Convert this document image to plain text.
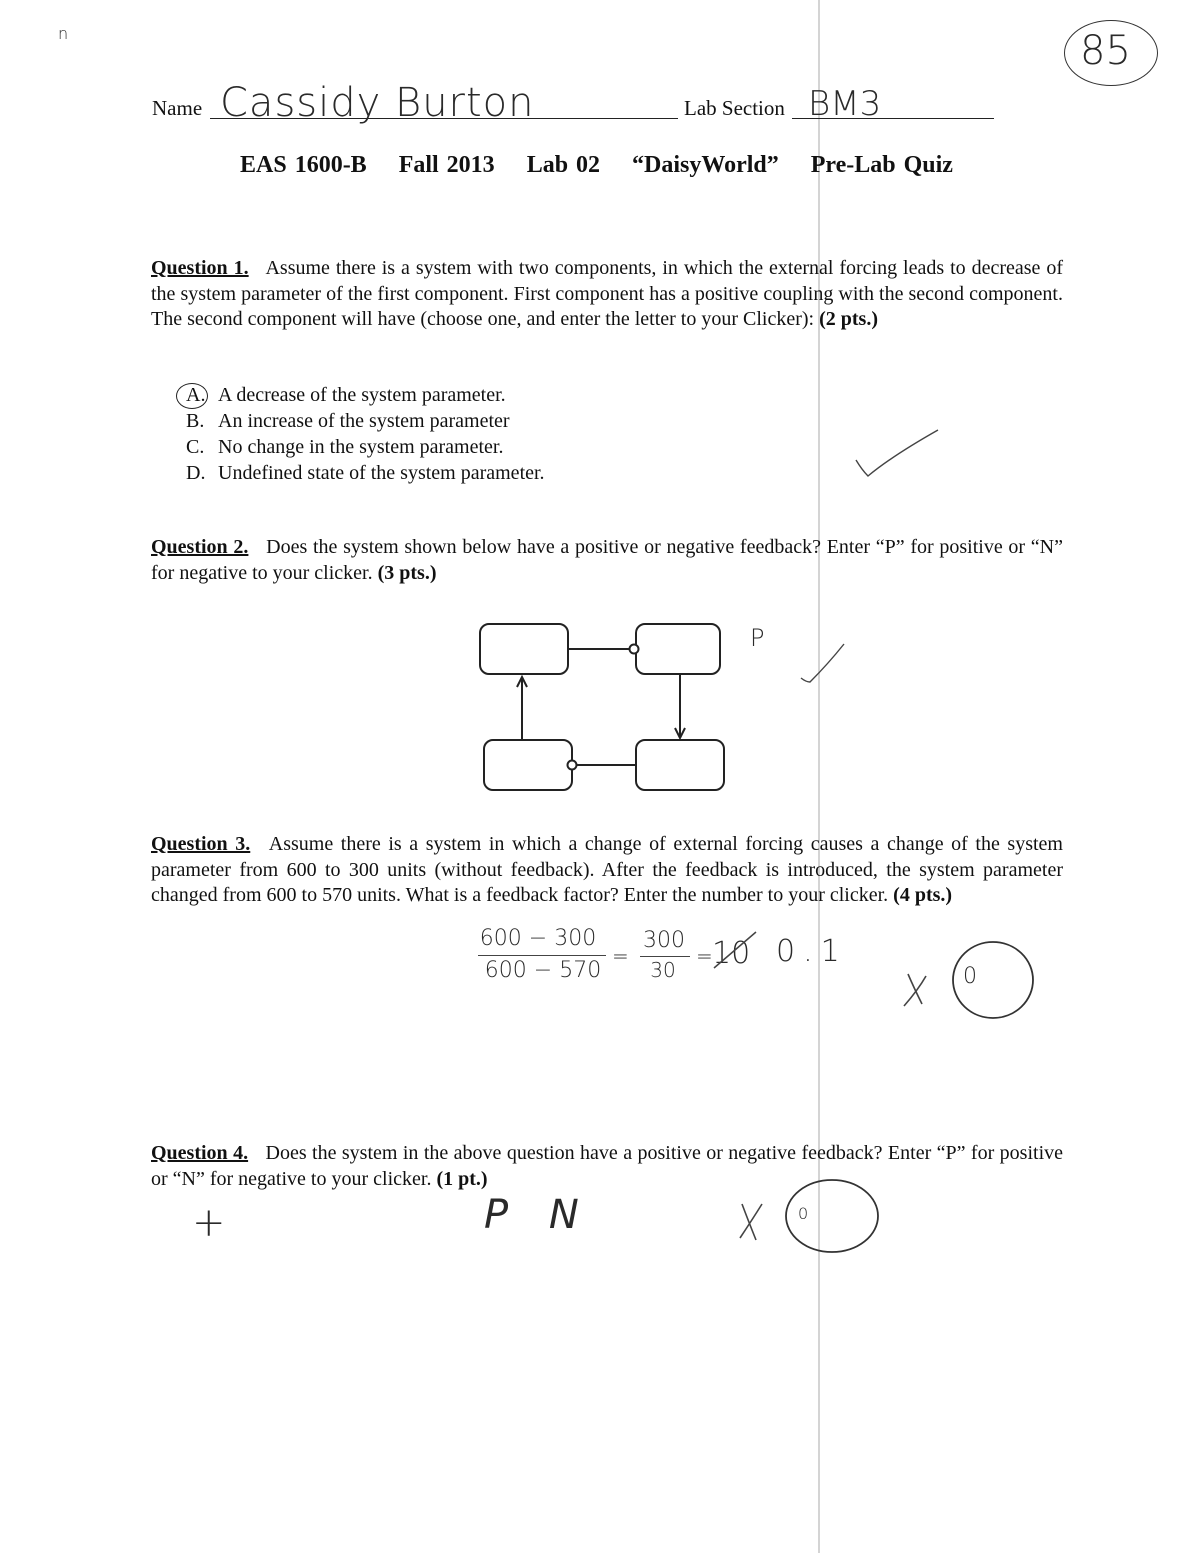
n	85
Name Cassidy Burton	Lab Section BM3
EAS 1600-B Fall 2013 Lab 02 “DaisyWorld” Pre-Lab Quiz
Question 1. Assume there is a system with two components, in which the external forcing leads to decrease of the system parameter of the first component. First component has a positive coupling with the second component. The second component will have (choose one, and enter the letter to your Clicker): (2 pts.)
A. A decrease of the system parameter.
B. An increase of the system parameter
C. No change in the system parameter.
D. Undefined state of the system parameter.
Question 2. Does the system shown below have a positive or negative feedback? Enter “P” for positive or “N” for negative to your clicker. (3 pts.)
P
Question 3. Assume there is a system in which a change of external forcing causes a change of the system parameter from 600 to 300 units (without feedback). After the feedback is introduced, the system parameter changed from 600 to 570 units. What is a feedback factor? Enter the number to your clicker. (4 pts.)
600 − 300
600 − 570
=
300
30
= 10 0.1
0
Question 4. Does the system in the above question have a positive or negative feedback? Enter “P” for positive or “N” for negative to your clicker. (1 pt.)
+	P N	0
